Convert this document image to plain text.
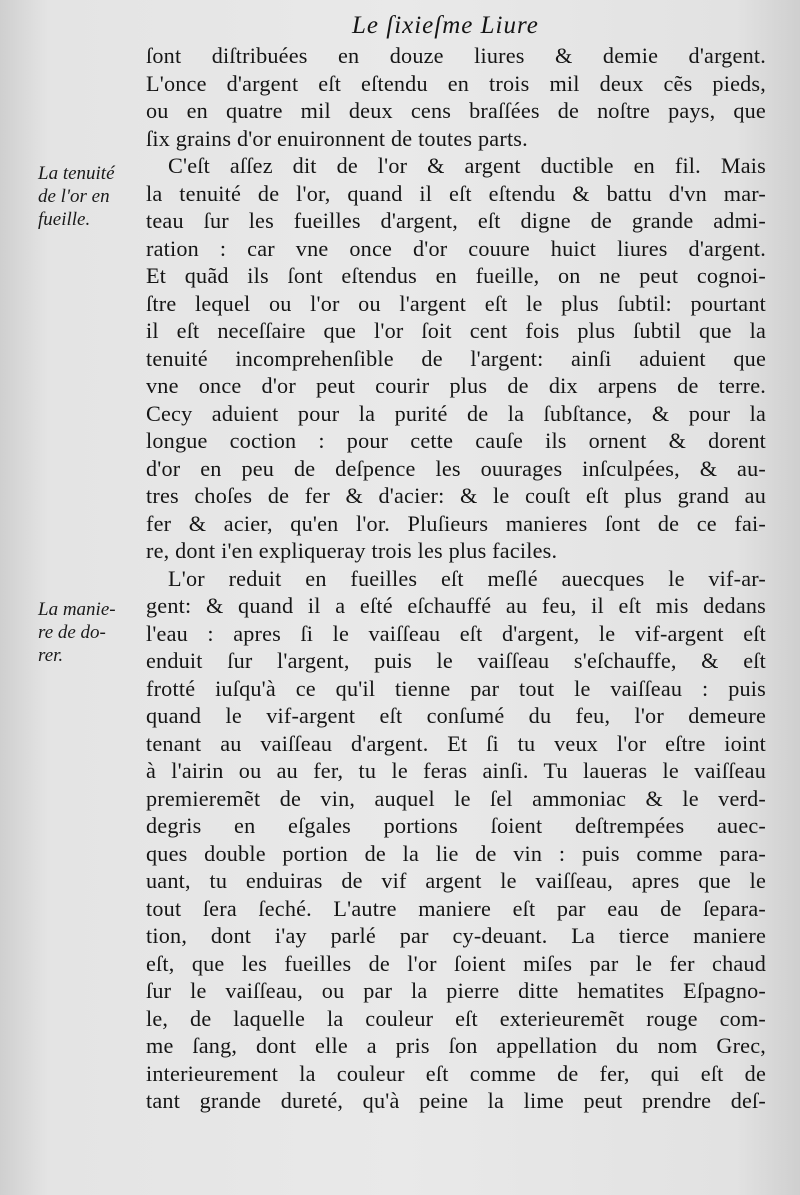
Le ſixieſme Liure
La tenuité
de l'or en
fueille.
La manie-
re de do-
rer.
ſont diſtribuées en douze liures & demie d'argent.
L'once d'argent eſt eſtendu en trois mil deux cẽs pieds,
ou en quatre mil deux cens braſſées de noſtre pays, que
ſix grains d'or enuironnent de toutes parts.
C'eſt aſſez dit de l'or & argent ductible en fil. Mais
la tenuité de l'or, quand il eſt eſtendu & battu d'vn mar-
teau ſur les fueilles d'argent, eſt digne de grande admi-
ration : car vne once d'or couure huict liures d'argent.
Et quãd ils ſont eſtendus en fueille, on ne peut cognoi-
ſtre lequel ou l'or ou l'argent eſt le plus ſubtil: pourtant
il eſt neceſſaire que l'or ſoit cent fois plus ſubtil que la
tenuité incomprehenſible de l'argent: ainſi aduient que
vne once d'or peut courir plus de dix arpens de terre.
Cecy aduient pour la purité de la ſubſtance, & pour la
longue coction : pour cette cauſe ils ornent & dorent
d'or en peu de deſpence les ouurages inſculpées, & au-
tres choſes de fer & d'acier: & le couſt eſt plus grand au
fer & acier, qu'en l'or. Pluſieurs manieres ſont de ce fai-
re, dont i'en expliqueray trois les plus faciles.
L'or reduit en fueilles eſt meſlé auecques le vif-ar-
gent: & quand il a eſté eſchauffé au feu, il eſt mis dedans
l'eau : apres ſi le vaiſſeau eſt d'argent, le vif-argent eſt
enduit ſur l'argent, puis le vaiſſeau s'eſchauffe, & eſt
frotté iuſqu'à ce qu'il tienne par tout le vaiſſeau : puis
quand le vif-argent eſt conſumé du feu, l'or demeure
tenant au vaiſſeau d'argent. Et ſi tu veux l'or eſtre ioint
à l'airin ou au fer, tu le feras ainſi. Tu laueras le vaiſſeau
premieremẽt de vin, auquel le ſel ammoniac & le verd-
degris en eſgales portions ſoient deſtrempées auec-
ques double portion de la lie de vin : puis comme para-
uant, tu enduiras de vif argent le vaiſſeau, apres que le
tout ſera ſeché. L'autre maniere eſt par eau de ſepara-
tion, dont i'ay parlé par cy-deuant. La tierce maniere
eſt, que les fueilles de l'or ſoient miſes par le fer chaud
ſur le vaiſſeau, ou par la pierre ditte hematites Eſpagno-
le, de laquelle la couleur eſt exterieuremẽt rouge com-
me ſang, dont elle a pris ſon appellation du nom Grec,
interieurement la couleur eſt comme de fer, qui eſt de
tant grande dureté, qu'à peine la lime peut prendre deſ-
